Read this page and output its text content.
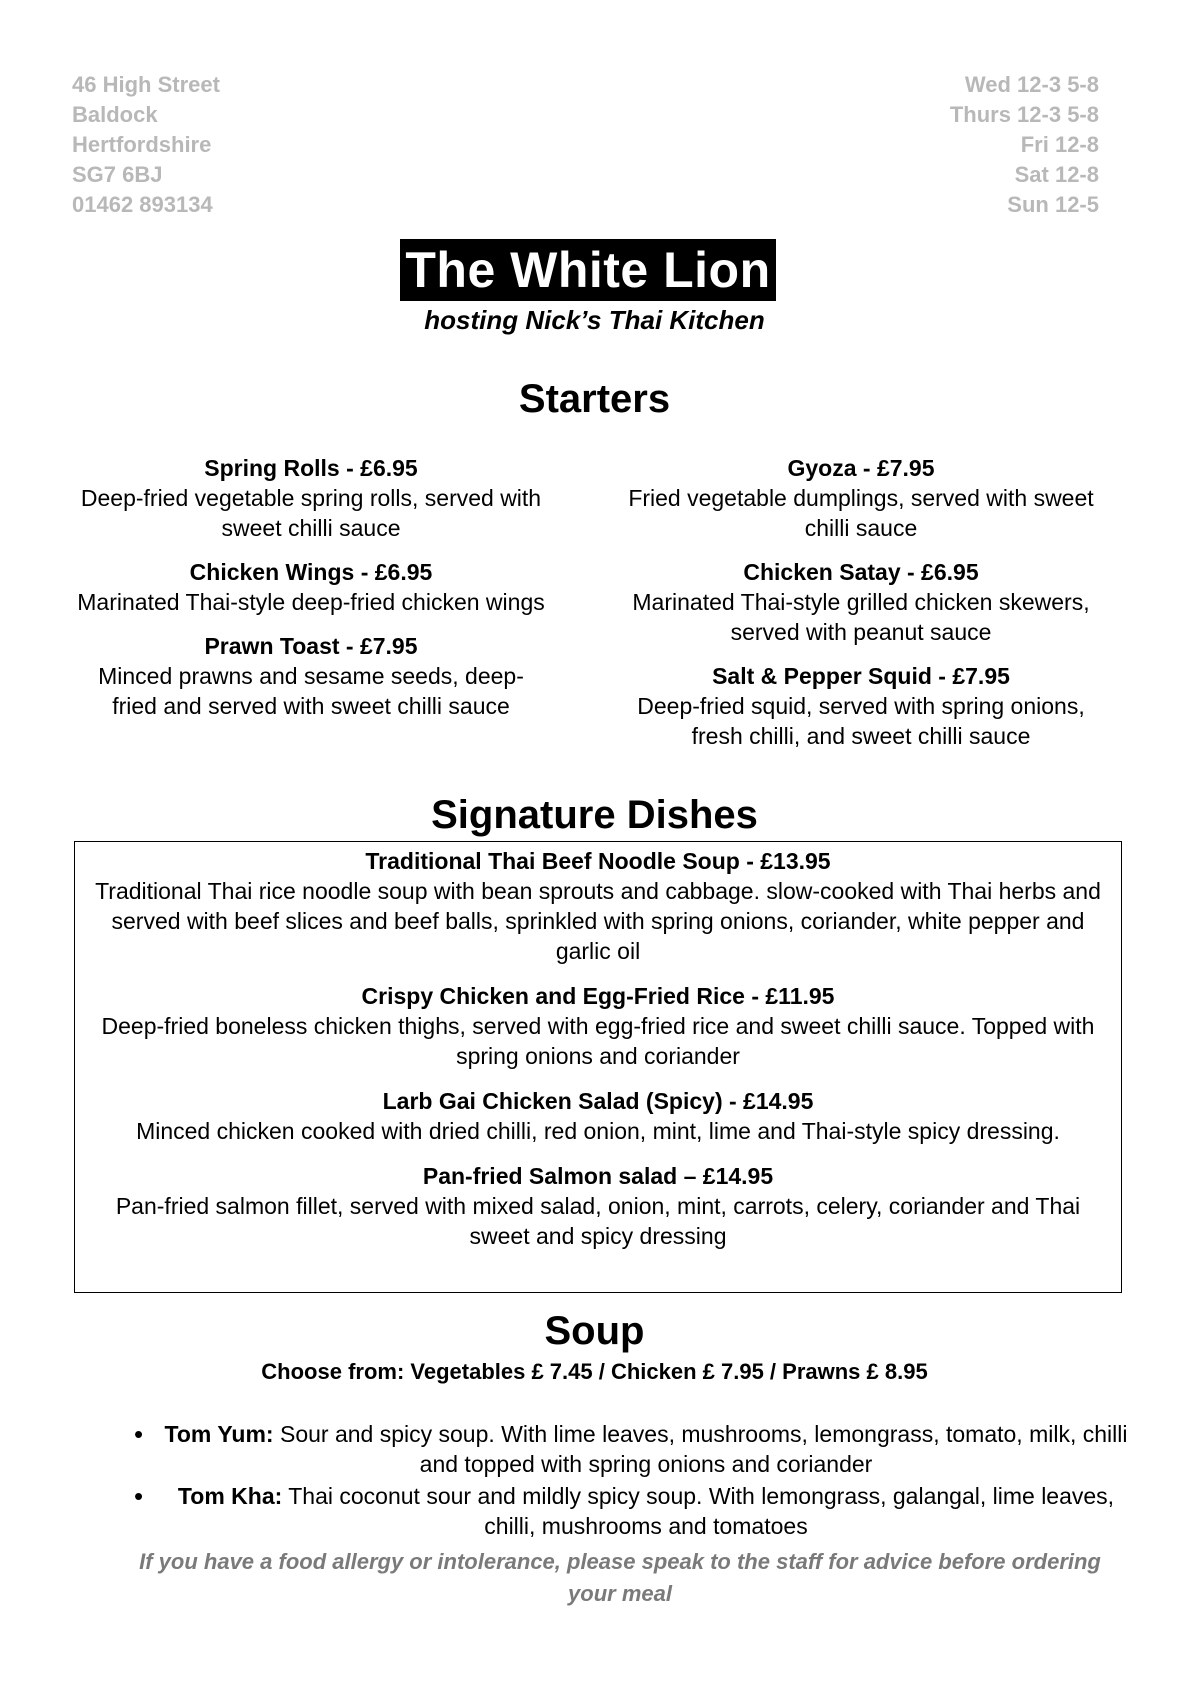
46 High Street
Baldock
Hertfordshire
SG7 6BJ
01462 893134
Wed 12-3 5-8
Thurs 12-3 5-8
Fri 12-8
Sat 12-8
Sun 12-5
The White Lion
hosting Nick’s Thai Kitchen
Starters
Spring Rolls - £6.95
Deep-fried vegetable spring rolls, served with sweet chilli sauce
Chicken Wings - £6.95
Marinated Thai-style deep-fried chicken wings
Prawn Toast - £7.95
Minced prawns and sesame seeds, deep-fried and served with sweet chilli sauce
Gyoza - £7.95
Fried vegetable dumplings, served with sweet chilli sauce
Chicken Satay - £6.95
Marinated Thai-style grilled chicken skewers, served with peanut sauce
Salt & Pepper Squid - £7.95
Deep-fried squid, served with spring onions, fresh chilli, and sweet chilli sauce
Signature Dishes
Traditional Thai Beef Noodle Soup - £13.95
Traditional Thai rice noodle soup with bean sprouts and cabbage. slow-cooked with Thai herbs and served with beef slices and beef balls, sprinkled with spring onions, coriander, white pepper and garlic oil
Crispy Chicken and Egg-Fried Rice - £11.95
Deep-fried boneless chicken thighs, served with egg-fried rice and sweet chilli sauce. Topped with spring onions and coriander
Larb Gai Chicken Salad (Spicy) - £14.95
Minced chicken cooked with dried chilli, red onion, mint, lime and Thai-style spicy dressing.
Pan-fried Salmon salad – £14.95
Pan-fried salmon fillet, served with mixed salad, onion, mint, carrots, celery, coriander and Thai sweet and spicy dressing
Soup
Choose from: Vegetables £ 7.45 / Chicken £ 7.95 / Prawns £ 8.95
• Tom Yum: Sour and spicy soup. With lime leaves, mushrooms, lemongrass, tomato, milk, chilli and topped with spring onions and coriander
• Tom Kha: Thai coconut sour and mildly spicy soup. With lemongrass, galangal, lime leaves, chilli, mushrooms and tomatoes
If you have a food allergy or intolerance, please speak to the staff for advice before ordering your meal
